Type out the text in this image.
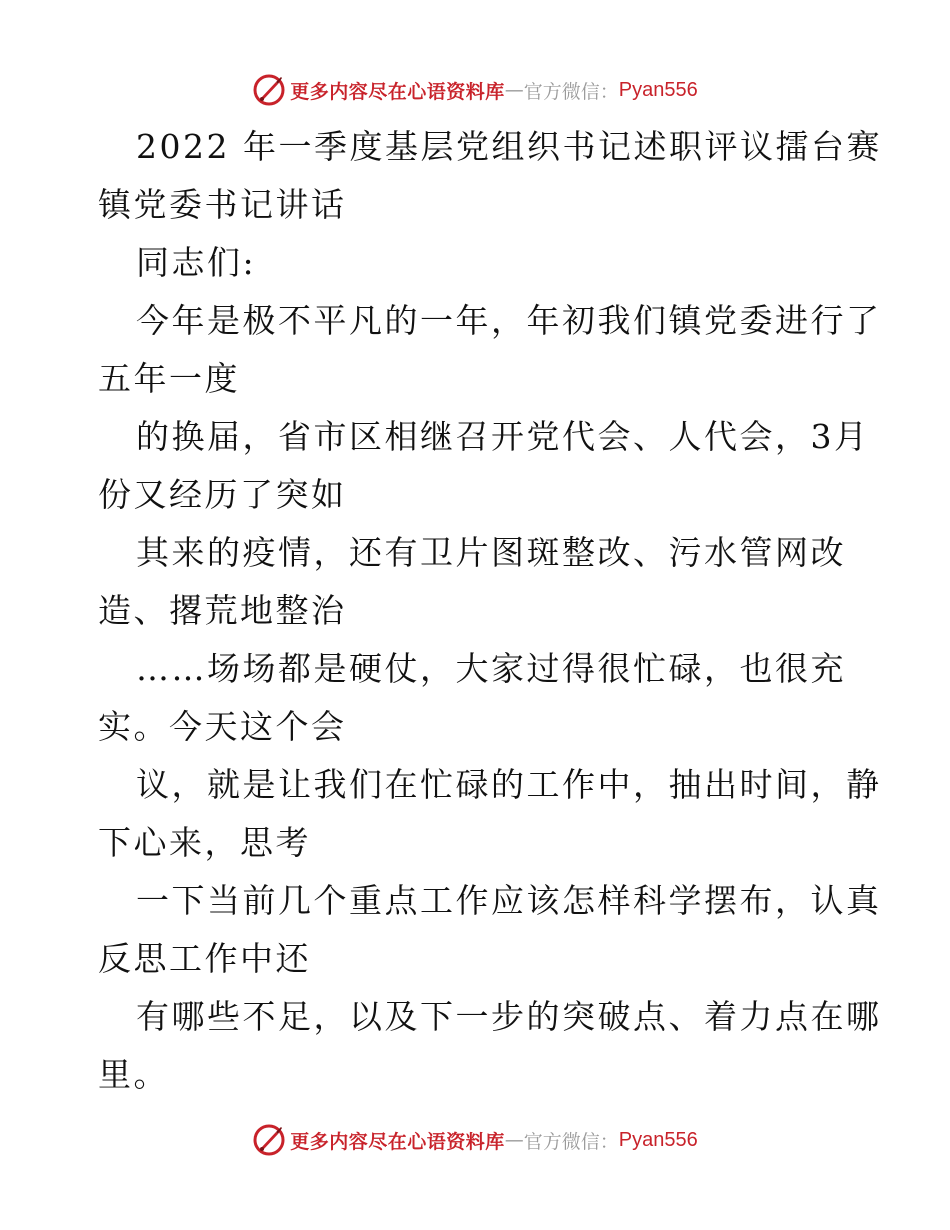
更多内容尽在心语资料库 — 官方微信： Pyan556
2022 年一季度基层党组织书记述职评议擂台赛
镇党委书记讲话
同志们:
今年是极不平凡的一年，年初我们镇党委进行了
五年一度
的换届，省市区相继召开党代会、人代会，3月
份又经历了突如
其来的疫情，还有卫片图斑整改、污水管网改
造、撂荒地整治
……场场都是硬仗，大家过得很忙碌，也很充
实。今天这个会
议，就是让我们在忙碌的工作中，抽出时间，静
下心来，思考
一下当前几个重点工作应该怎样科学摆布，认真
反思工作中还
有哪些不足，以及下一步的突破点、着力点在哪
里。
更多内容尽在心语资料库 — 官方微信： Pyan556
